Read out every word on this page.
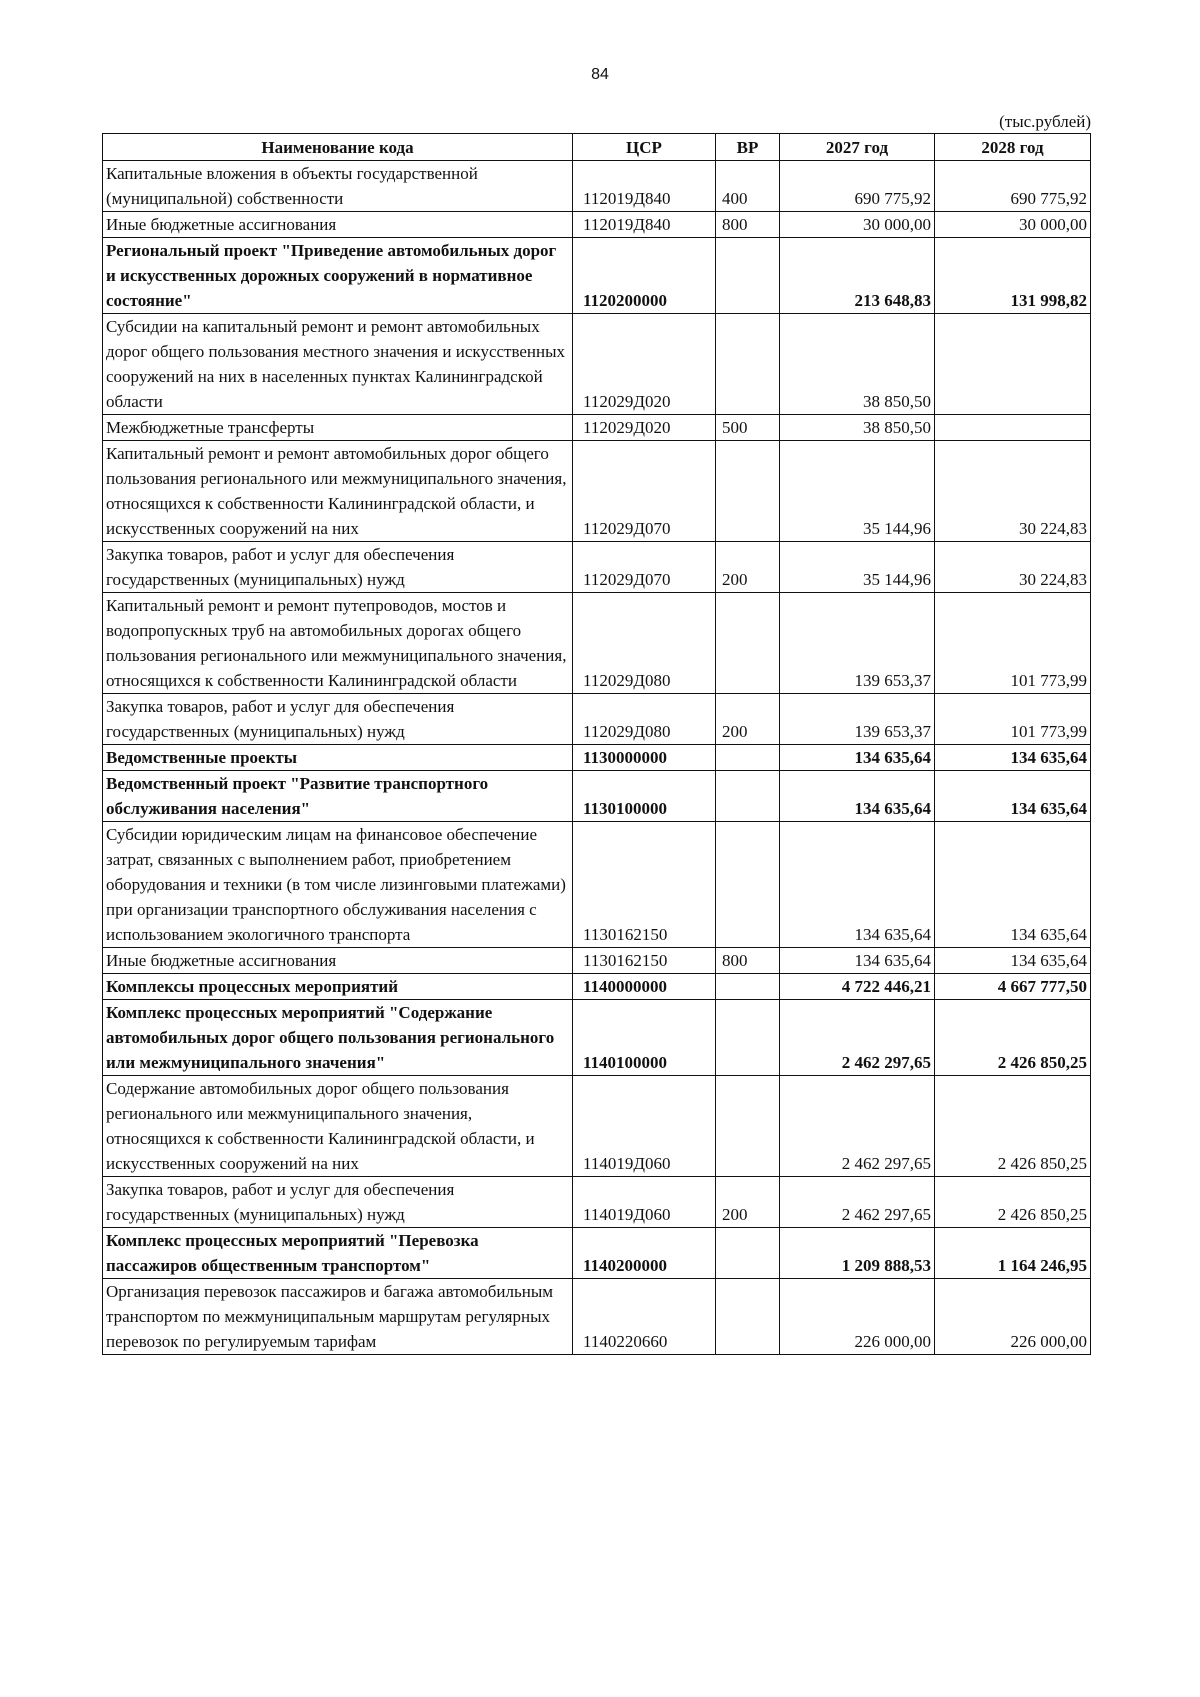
84
(тыс.рублей)
Наименование кода	ЦСР	ВР	2027 год	2028 год
Капитальные вложения в объекты государственной (муниципальной) собственности	112019Д840	400	690 775,92	690 775,92
Иные бюджетные ассигнования	112019Д840	800	30 000,00	30 000,00
Региональный проект "Приведение автомобильных дорог и искусственных дорожных сооружений в нормативное состояние"	1120200000		213 648,83	131 998,82
Субсидии на капитальный ремонт и ремонт автомобильных дорог общего пользования местного значения и искусственных сооружений на них в населенных пунктах Калининградской области	112029Д020		38 850,50	
Межбюджетные трансферты	112029Д020	500	38 850,50	
Капитальный ремонт и ремонт автомобильных дорог общего пользования регионального или межмуниципального значения, относящихся к собственности Калининградской области, и искусственных сооружений на них	112029Д070		35 144,96	30 224,83
Закупка товаров, работ и услуг для обеспечения государственных (муниципальных) нужд	112029Д070	200	35 144,96	30 224,83
Капитальный ремонт и ремонт путепроводов, мостов и водопропускных труб на автомобильных дорогах общего пользования регионального или межмуниципального значения, относящихся к собственности Калининградской области	112029Д080		139 653,37	101 773,99
Закупка товаров, работ и услуг для обеспечения государственных (муниципальных) нужд	112029Д080	200	139 653,37	101 773,99
Ведомственные проекты	1130000000		134 635,64	134 635,64
Ведомственный проект "Развитие транспортного обслуживания населения"	1130100000		134 635,64	134 635,64
Субсидии юридическим лицам на финансовое обеспечение затрат, связанных с выполнением работ, приобретением оборудования и техники (в том числе лизинговыми платежами) при организации транспортного обслуживания населения с использованием экологичного транспорта	1130162150		134 635,64	134 635,64
Иные бюджетные ассигнования	1130162150	800	134 635,64	134 635,64
Комплексы процессных мероприятий	1140000000		4 722 446,21	4 667 777,50
Комплекс процессных мероприятий "Содержание автомобильных дорог общего пользования регионального или межмуниципального значения"	1140100000		2 462 297,65	2 426 850,25
Содержание автомобильных дорог общего пользования регионального или межмуниципального значения, относящихся к собственности Калининградской области, и искусственных сооружений на них	114019Д060		2 462 297,65	2 426 850,25
Закупка товаров, работ и услуг для обеспечения государственных (муниципальных) нужд	114019Д060	200	2 462 297,65	2 426 850,25
Комплекс процессных мероприятий "Перевозка пассажиров общественным транспортом"	1140200000		1 209 888,53	1 164 246,95
Организация перевозок пассажиров и багажа автомобильным транспортом по межмуниципальным маршрутам регулярных перевозок по регулируемым тарифам	1140220660		226 000,00	226 000,00
